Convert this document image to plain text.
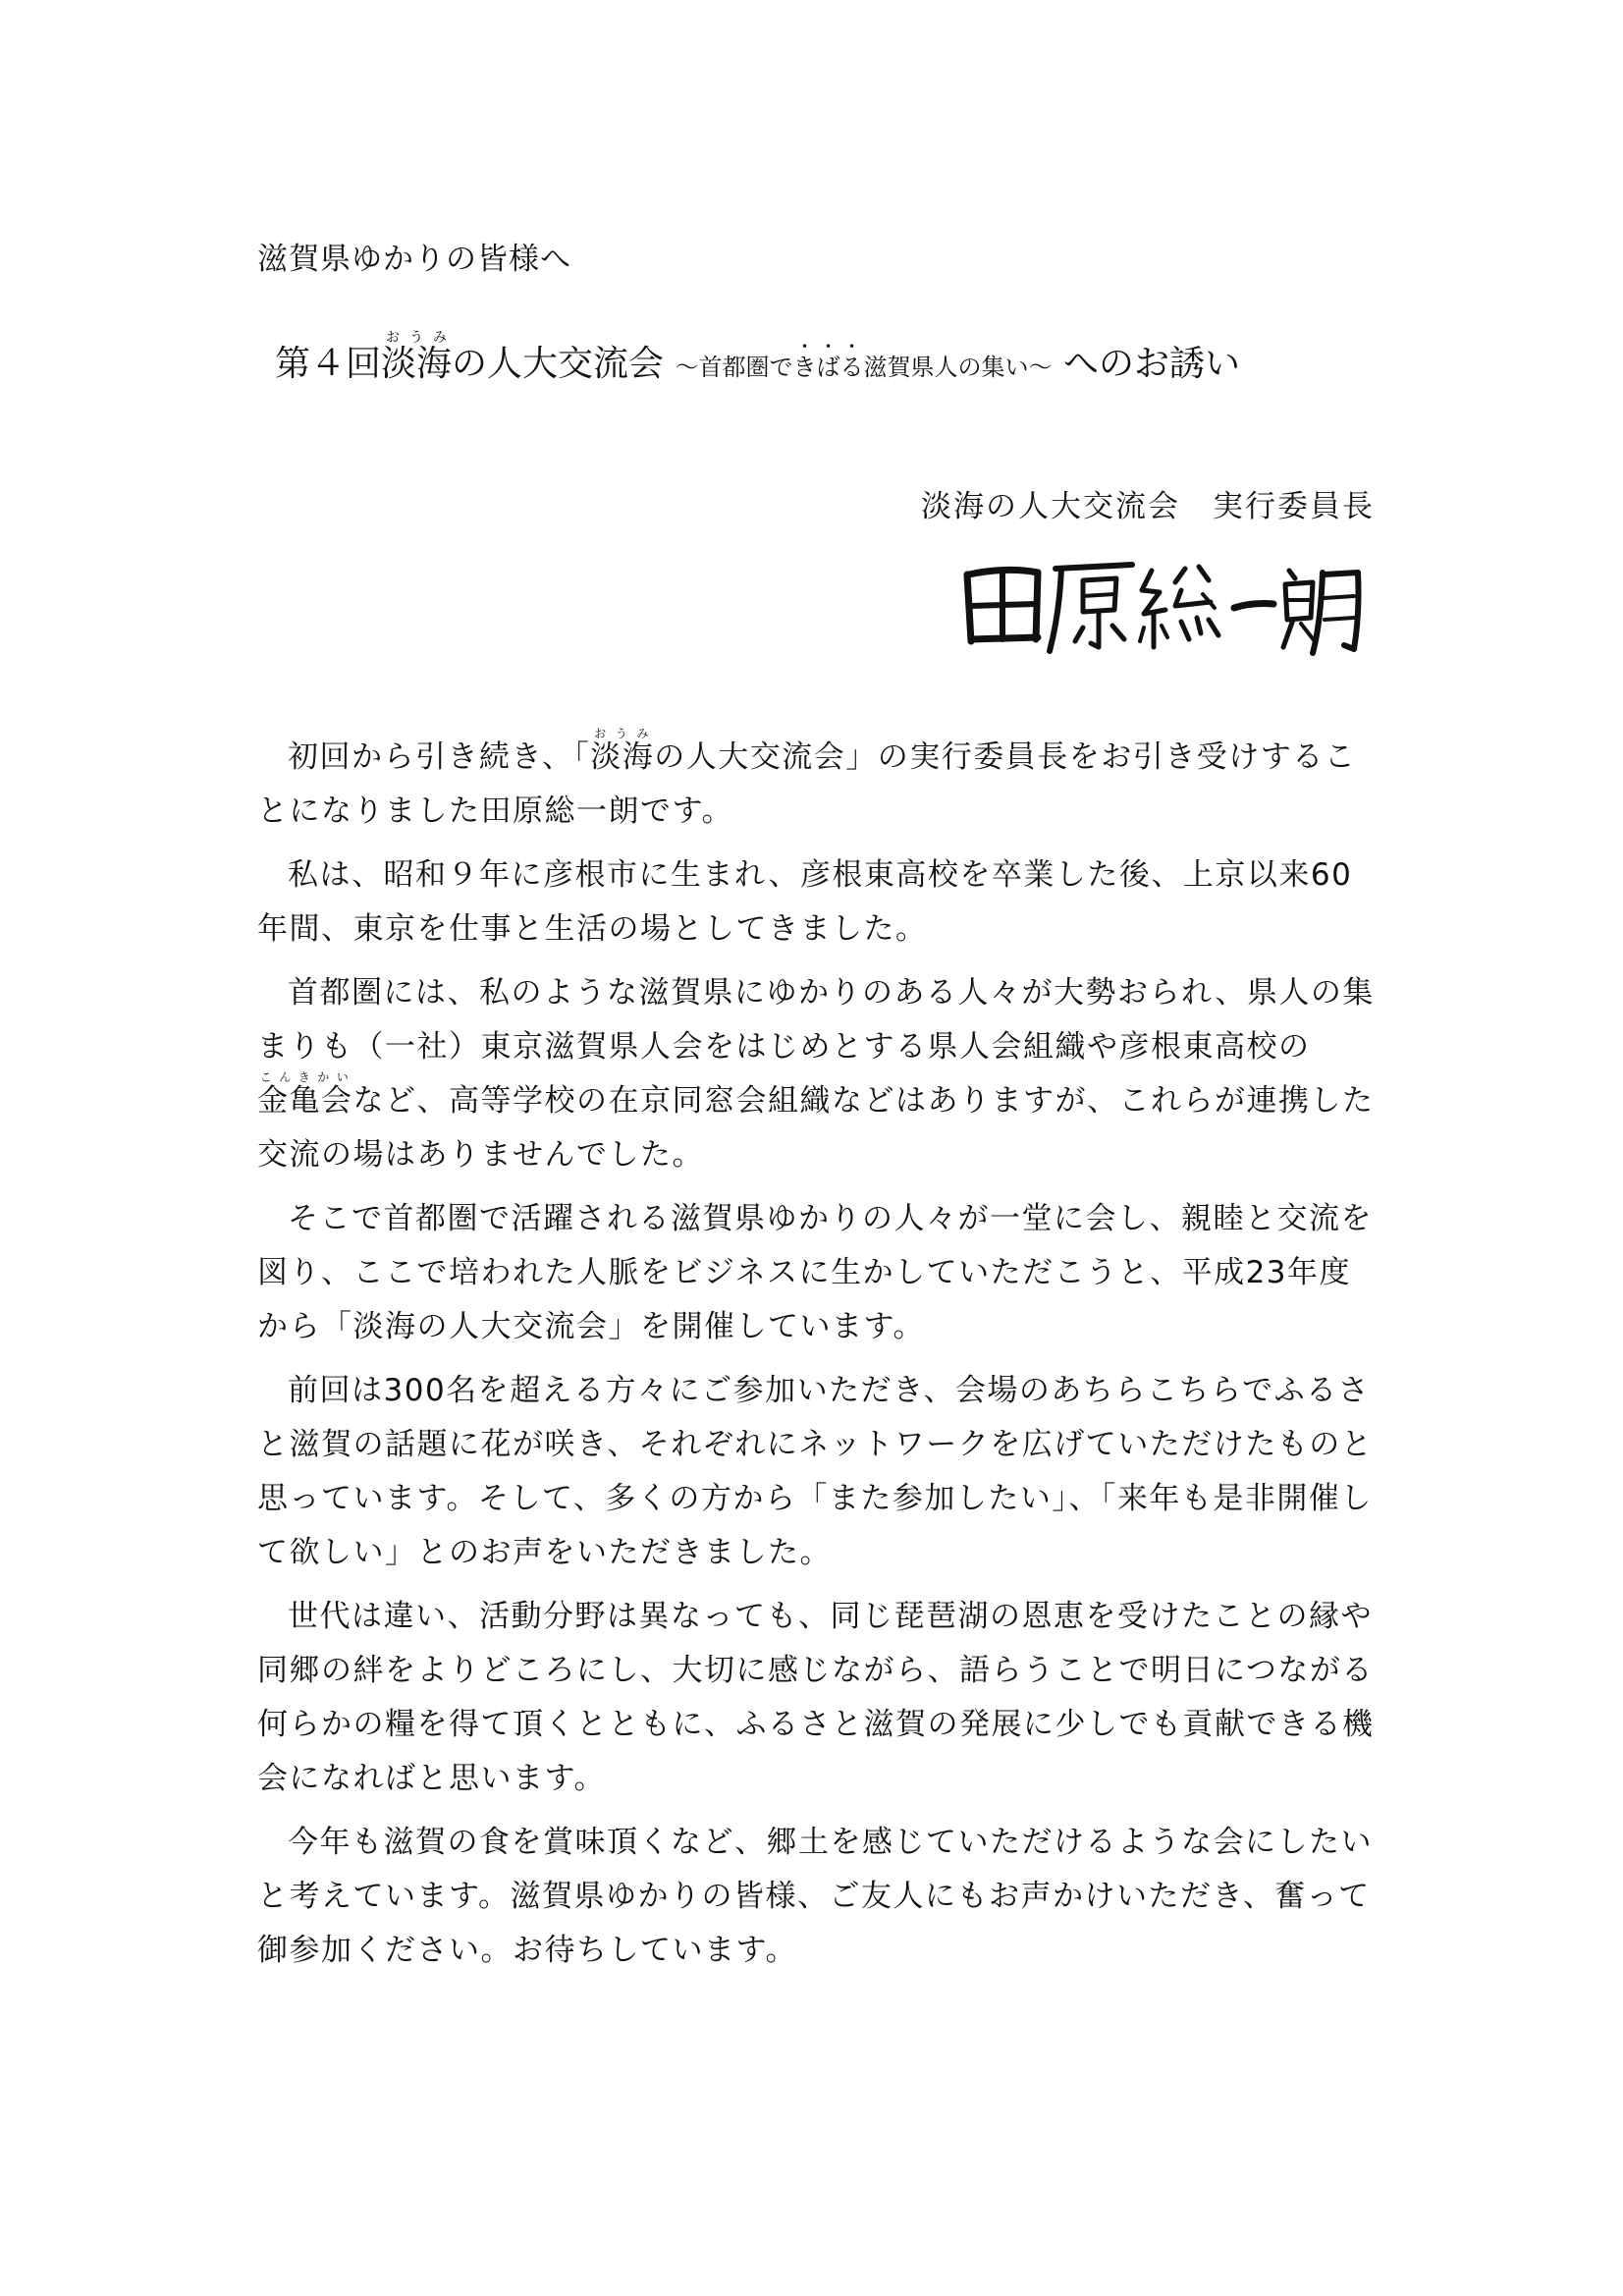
滋賀県ゆかりの皆様へ
第４回淡海おうみの人大交流会 ～首都圏できばる滋賀県人の集い～ へのお誘い
淡海の人大交流会　実行委員長

初回から引き続き、「淡海おうみの人大交流会」の実行委員長をお引き受けすることになりました田原総一朗です。

私は、昭和９年に彦根市に生まれ、彦根東高校を卒業した後、上京以来60 年間、東京を仕事と生活の場としてきました。

首都圏には、私のような滋賀県にゆかりのある人々が大勢おられ、県人の集まりも（一社）東京滋賀県人会をはじめとする県人会組織や彦根東高校の金亀会こんきかいなど、高等学校の在京同窓会組織などはありますが、これらが連携した交流の場はありませんでした。

そこで首都圏で活躍される滋賀県ゆかりの人々が一堂に会し、親睦と交流を図り、ここで培われた人脈をビジネスに生かしていただこうと、平成23年度から「淡海の人大交流会」を開催しています。

前回は300名を超える方々にご参加いただき、会場のあちらこちらでふるさと滋賀の話題に花が咲き、それぞれにネットワークを広げていただけたものと思っています。そして、多くの方から「また参加したい」、「来年も是非開催して欲しい」とのお声をいただきました。

世代は違い、活動分野は異なっても、同じ琵琶湖の恩恵を受けたことの縁や同郷の絆をよりどころにし、大切に感じながら、語らうことで明日につながる何らかの糧を得て頂くとともに、ふるさと滋賀の発展に少しでも貢献できる機会になればと思います。

今年も滋賀の食を賞味頂くなど、郷土を感じていただけるような会にしたいと考えています。滋賀県ゆかりの皆様、ご友人にもお声かけいただき、奮って御参加ください。お待ちしています。
